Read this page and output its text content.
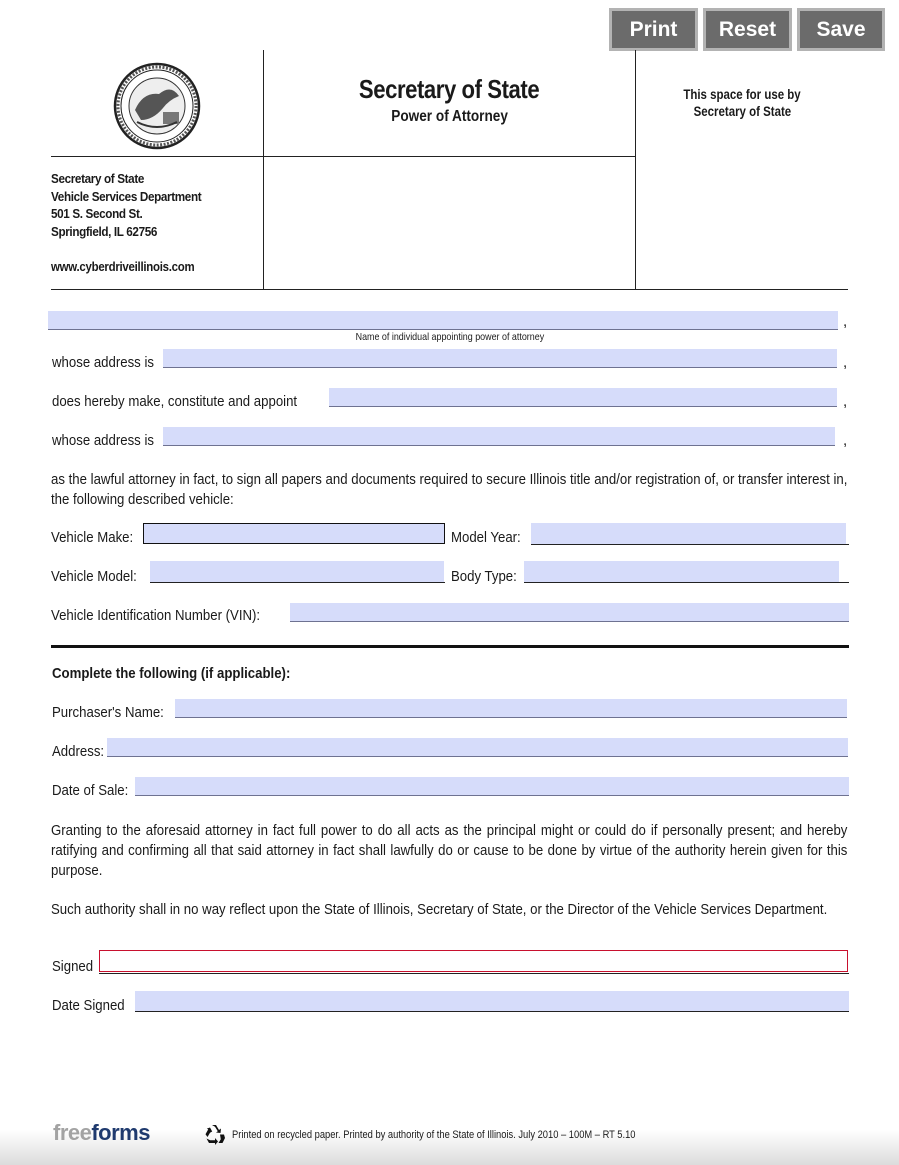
Print	Reset	Save
Secretary of State
Vehicle Services Department
501 S. Second St.
Springfield, IL 62756
www.cyberdriveillinois.com
Secretary of State
Power of Attorney
This space for use by
Secretary of State
,
Name of individual appointing power of attorney
whose address is	,
does hereby make, constitute and appoint	,
whose address is	,
as the lawful attorney in fact, to sign all papers and documents required to secure Illinois title and/or registration of, or transfer interest in, the following described vehicle:
Vehicle Make:	Model Year:
Vehicle Model:	Body Type:
Vehicle Identification Number (VIN):
Complete the following (if applicable):
Purchaser's Name:
Address:
Date of Sale:
Granting to the aforesaid attorney in fact full power to do all acts as the principal might or could do if personally present; and hereby ratifying and confirming all that said attorney in fact shall lawfully do or cause to be done by virtue of the authority herein given for this purpose.
Such authority shall in no way reflect upon the State of Illinois, Secretary of State, or the Director of the Vehicle Services Department.
Signed
Date Signed
freeforms	Printed on recycled paper. Printed by authority of the State of Illinois. July 2010 – 100M – RT 5.10
